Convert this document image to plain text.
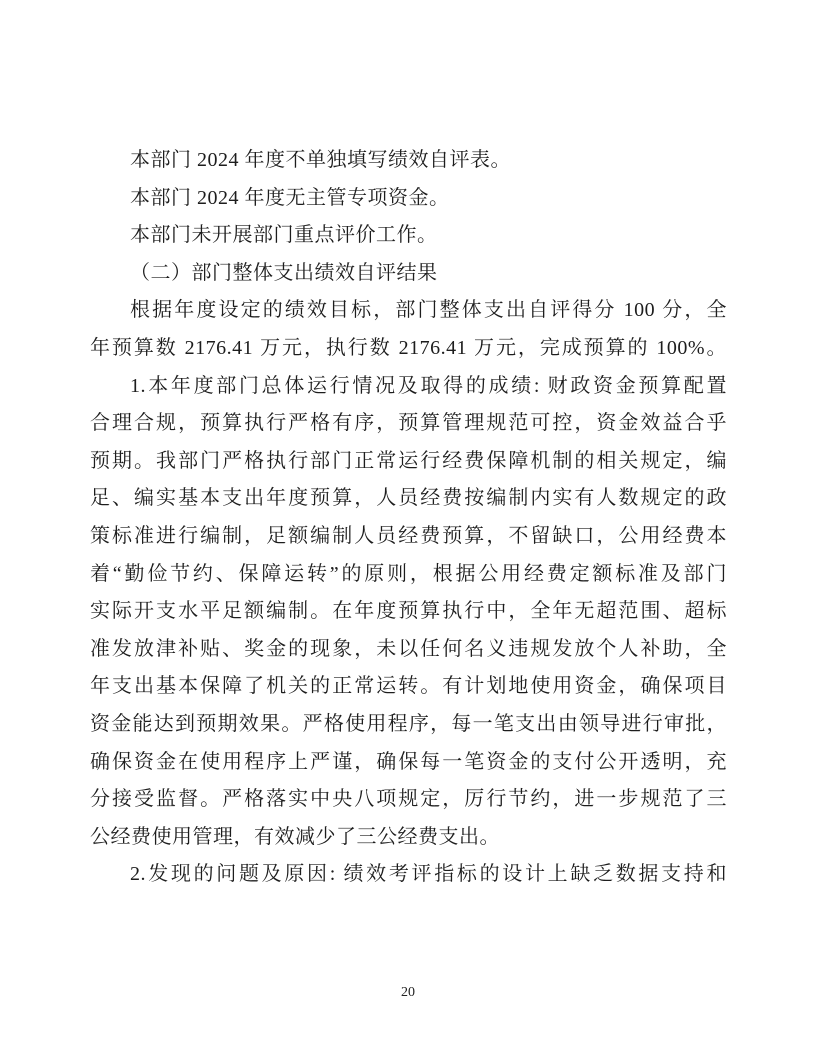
本部门 2024 年度不单独填写绩效自评表。
本部门 2024 年度无主管专项资金。
本部门未开展部门重点评价工作。
（二）部门整体支出绩效自评结果
根据年度设定的绩效目标，部门整体支出自评得分 100 分，全
年预算数 2176.41 万元，执行数 2176.41 万元，完成预算的 100%。
1.本年度部门总体运行情况及取得的成绩: 财政资金预算配置
合理合规，预算执行严格有序，预算管理规范可控，资金效益合乎
预期。我部门严格执行部门正常运行经费保障机制的相关规定，编
足、编实基本支出年度预算，人员经费按编制内实有人数规定的政
策标准进行编制，足额编制人员经费预算，不留缺口，公用经费本
着“勤俭节约、保障运转”的原则，根据公用经费定额标准及部门
实际开支水平足额编制。在年度预算执行中，全年无超范围、超标
准发放津补贴、奖金的现象，未以任何名义违规发放个人补助，全
年支出基本保障了机关的正常运转。有计划地使用资金，确保项目
资金能达到预期效果。严格使用程序，每一笔支出由领导进行审批，
确保资金在使用程序上严谨，确保每一笔资金的支付公开透明，充
分接受监督。严格落实中央八项规定，厉行节约，进一步规范了三
公经费使用管理，有效减少了三公经费支出。
2.发现的问题及原因: 绩效考评指标的设计上缺乏数据支持和
20
